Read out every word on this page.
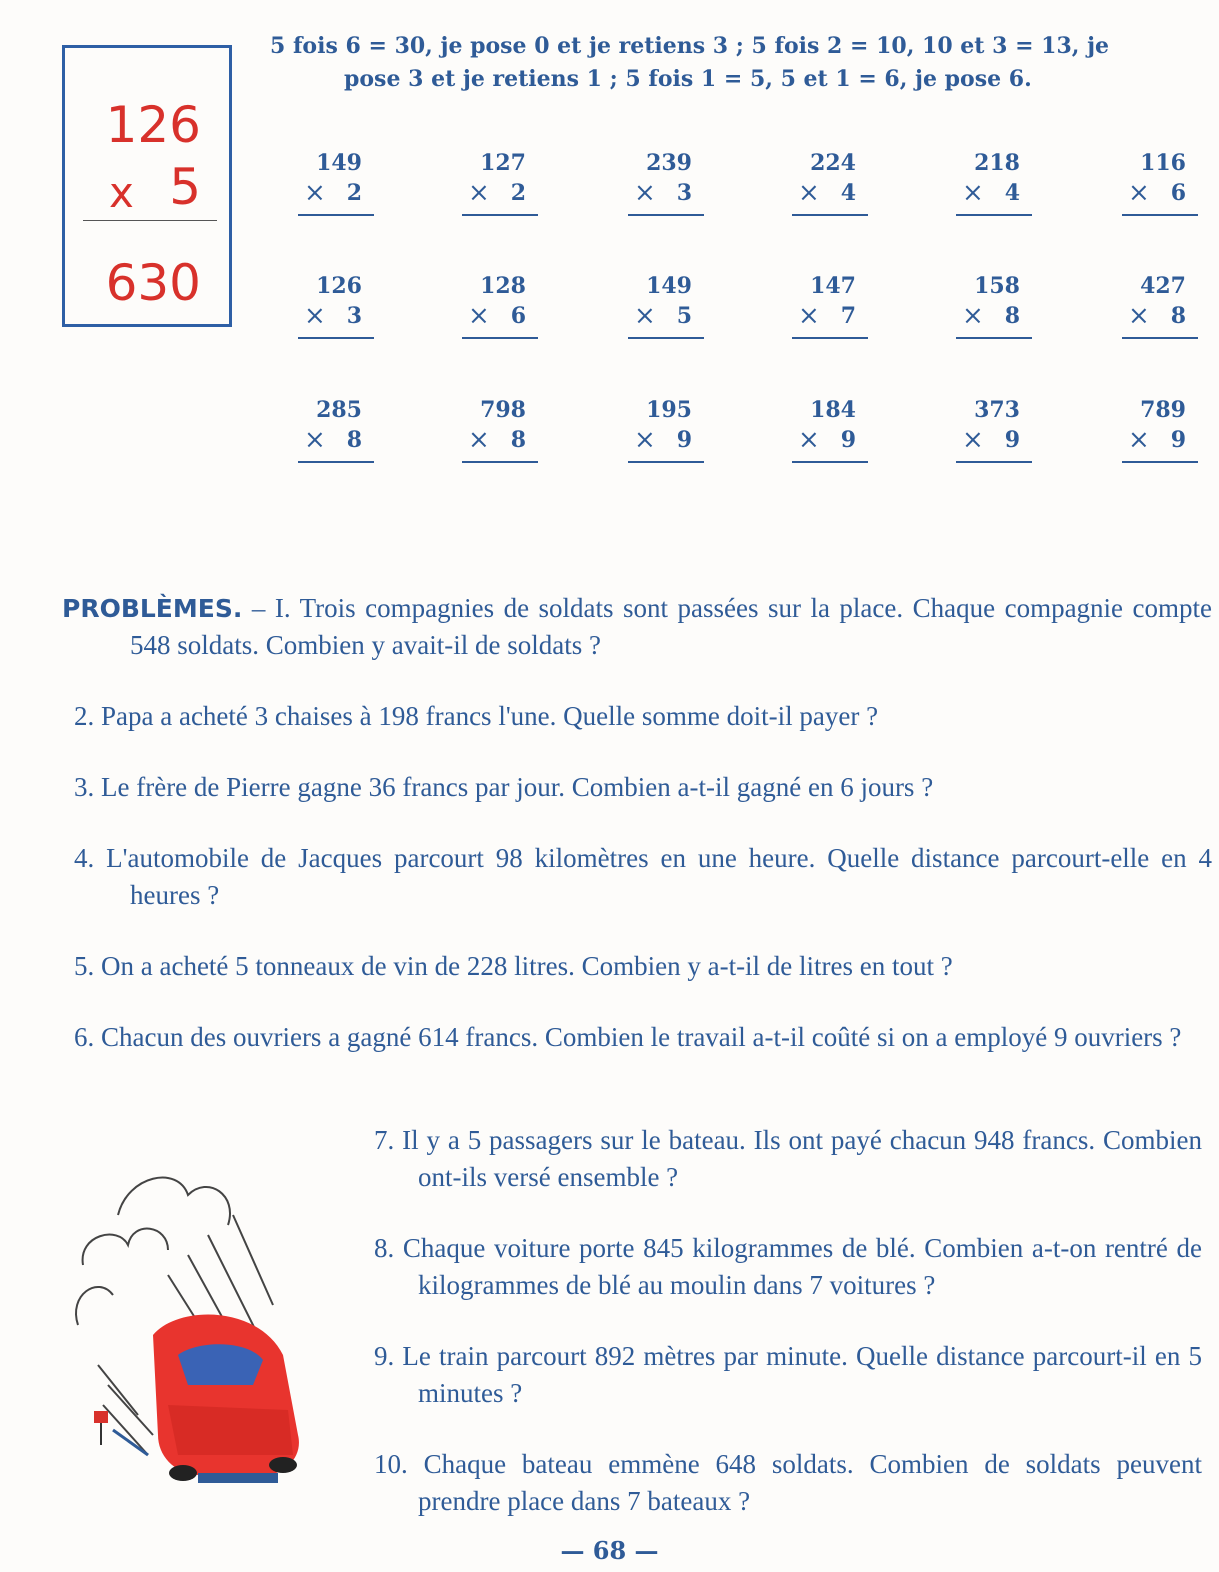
126
x 5
630
5 fois 6 = 30, je pose 0 et je retiens 3 ; 5 fois 2 = 10, 10 et 3 = 13, je
pose 3 et je retiens 1 ; 5 fois 1 = 5, 5 et 1 = 6, je pose 6.
149
× 2
127
× 2
239
× 3
224
× 4
218
× 4
116
× 6
126
× 3
128
× 6
149
× 5
147
× 7
158
× 8
427
× 8
285
× 8
798
× 8
195
× 9
184
× 9
373
× 9
789
× 9
PROBLÈMES. – I. Trois compagnies de soldats sont passées sur la place. Chaque compagnie compte 548 soldats. Combien y avait-il de soldats ?
2. Papa a acheté 3 chaises à 198 francs l'une. Quelle somme doit-il payer ?
3. Le frère de Pierre gagne 36 francs par jour. Combien a-t-il gagné en 6 jours ?
4. L'automobile de Jacques parcourt 98 kilomètres en une heure. Quelle distance parcourt-elle en 4 heures ?
5. On a acheté 5 tonneaux de vin de 228 litres. Combien y a-t-il de litres en tout ?
6. Chacun des ouvriers a gagné 614 francs. Combien le travail a-t-il coûté si on a employé 9 ouvriers ?
7. Il y a 5 passagers sur le bateau. Ils ont payé chacun 948 francs. Combien ont-ils versé ensemble ?
8. Chaque voiture porte 845 kilogrammes de blé. Combien a-t-on rentré de kilogrammes de blé au moulin dans 7 voitures ?
9. Le train parcourt 892 mètres par minute. Quelle distance parcourt-il en 5 minutes ?
10. Chaque bateau emmène 648 soldats. Combien de soldats peuvent prendre place dans 7 bateaux ?
— 68 —
